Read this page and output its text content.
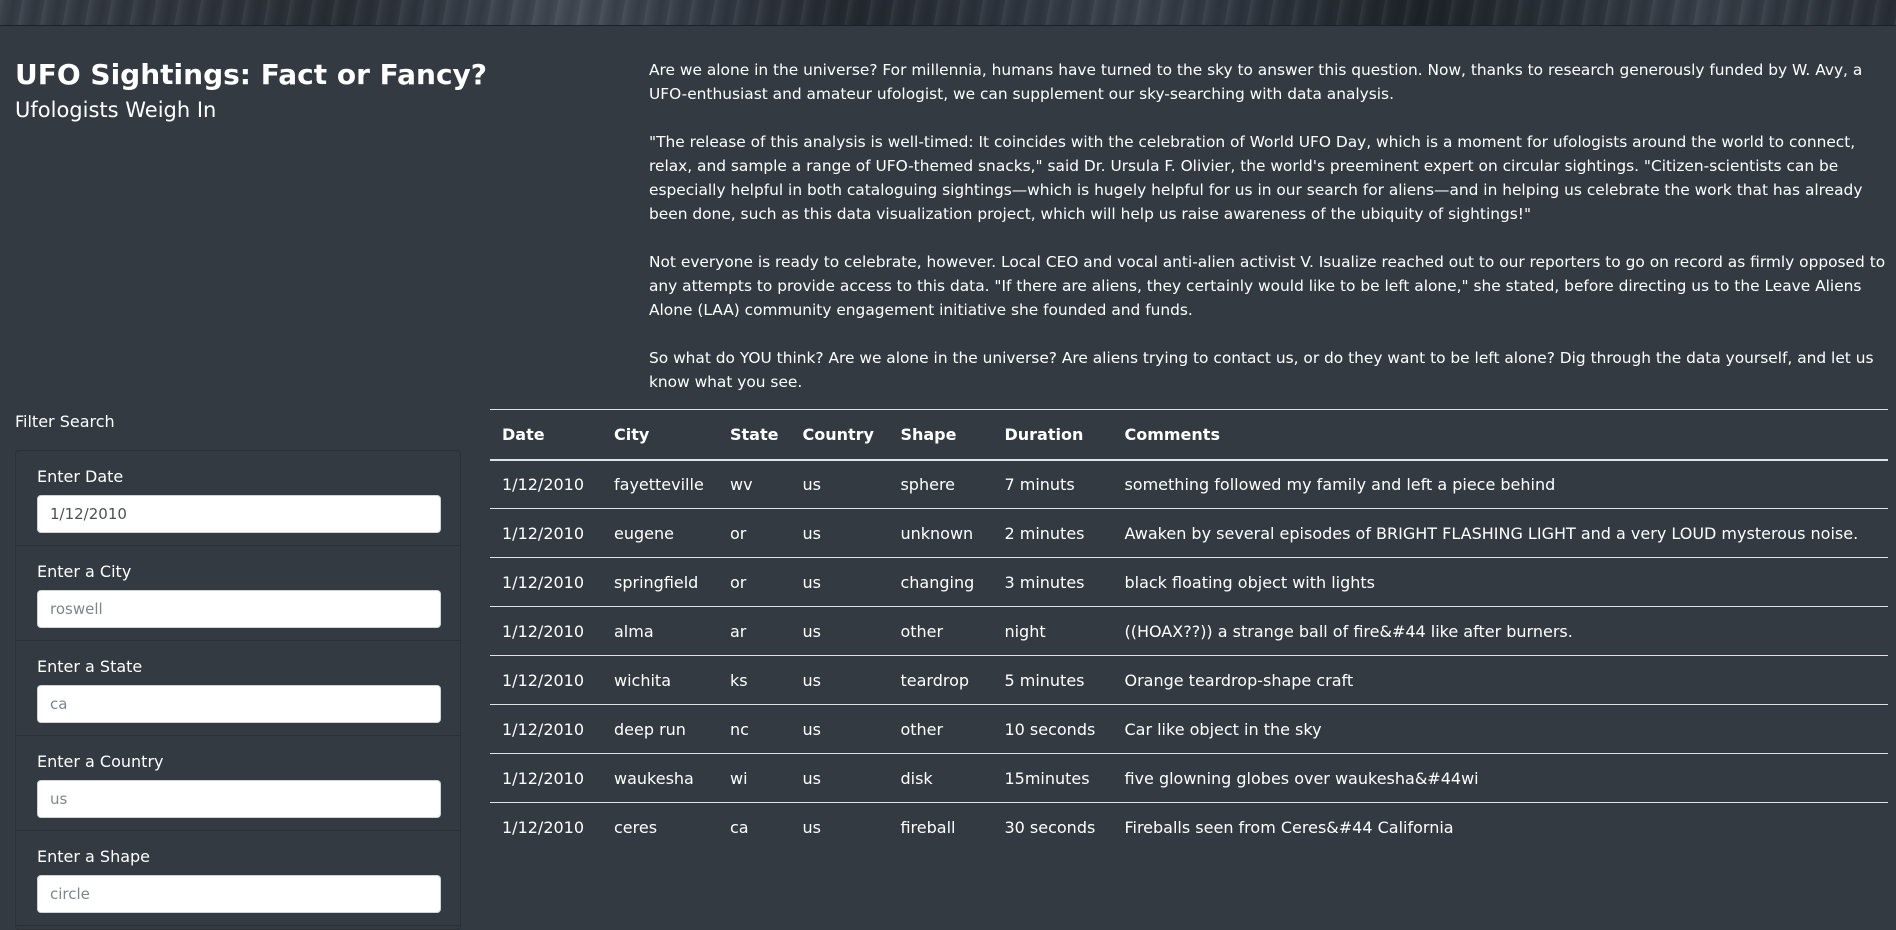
UFO Sightings: Fact or Fancy?
Ufologists Weigh In

Are we alone in the universe? For millennia, humans have turned to the sky to answer this question. Now, thanks to research generously funded by W. Avy, a UFO-enthusiast and amateur ufologist, we can supplement our sky-searching with data analysis.

"The release of this analysis is well-timed: It coincides with the celebration of World UFO Day, which is a moment for ufologists around the world to connect, relax, and sample a range of UFO-themed snacks," said Dr. Ursula F. Olivier, the world's preeminent expert on circular sightings. "Citizen-scientists can be especially helpful in both cataloguing sightings—which is hugely helpful for us in our search for aliens—and in helping us celebrate the work that has already been done, such as this data visualization project, which will help us raise awareness of the ubiquity of sightings!"

Not everyone is ready to celebrate, however. Local CEO and vocal anti-alien activist V. Isualize reached out to our reporters to go on record as firmly opposed to any attempts to provide access to this data. "If there are aliens, they certainly would like to be left alone," she stated, before directing us to the Leave Aliens Alone (LAA) community engagement initiative she founded and funds.

So what do YOU think? Are we alone in the universe? Are aliens trying to contact us, or do they want to be left alone? Dig through the data yourself, and let us know what you see.

Filter Search
Enter Date
1/12/2010
Enter a City
roswell
Enter a State
ca
Enter a Country
us
Enter a Shape
circle
Date	City	State	Country	Shape	Duration	Comments
1/12/2010	fayetteville	wv	us	sphere	7 minuts	something followed my family and left a piece behind
1/12/2010	eugene	or	us	unknown	2 minutes	Awaken by several episodes of BRIGHT FLASHING LIGHT and a very LOUD mysterous noise.
1/12/2010	springfield	or	us	changing	3 minutes	black floating object with lights
1/12/2010	alma	ar	us	other	night	((HOAX??)) a strange ball of fire&#44 like after burners.
1/12/2010	wichita	ks	us	teardrop	5 minutes	Orange teardrop-shape craft
1/12/2010	deep run	nc	us	other	10 seconds	Car like object in the sky
1/12/2010	waukesha	wi	us	disk	15minutes	five glowning globes over waukesha&#44wi
1/12/2010	ceres	ca	us	fireball	30 seconds	Fireballs seen from Ceres&#44 California
